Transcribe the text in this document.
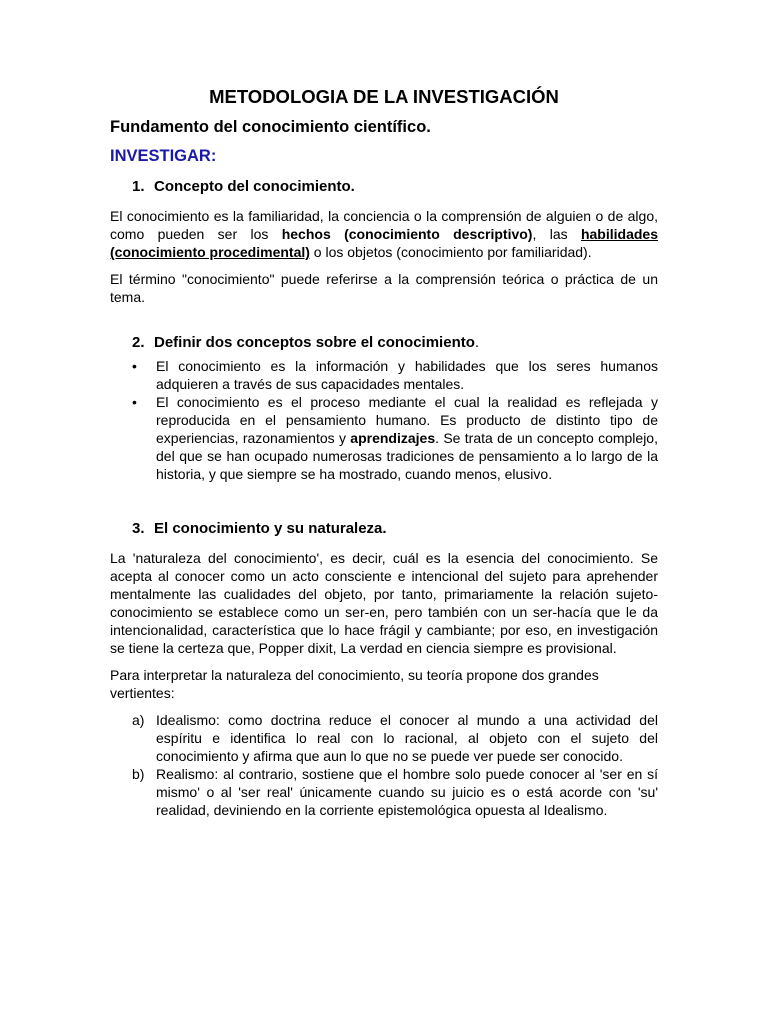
METODOLOGIA DE LA INVESTIGACIÓN
Fundamento del conocimiento científico.
INVESTIGAR:
1. Concepto del conocimiento.

El conocimiento es la familiaridad, la conciencia o la comprensión de alguien o de algo, como pueden ser los hechos (conocimiento descriptivo), las habilidades (conocimiento procedimental) o los objetos (conocimiento por familiaridad).

El término "conocimiento" puede referirse a la comprensión teórica o práctica de un tema.

2. Definir dos conceptos sobre el conocimiento.
•	El conocimiento es la información y habilidades que los seres humanos adquieren a través de sus capacidades mentales.
•	El conocimiento es el proceso mediante el cual la realidad es reflejada y reproducida en el pensamiento humano. Es producto de distinto tipo de experiencias, razonamientos y aprendizajes. Se trata de un concepto complejo, del que se han ocupado numerosas tradiciones de pensamiento a lo largo de la historia, y que siempre se ha mostrado, cuando menos, elusivo.
3. El conocimiento y su naturaleza.

La 'naturaleza del conocimiento', es decir, cuál es la esencia del conocimiento. Se acepta al conocer como un acto consciente e intencional del sujeto para aprehender mentalmente las cualidades del objeto, por tanto, primariamente la relación sujeto-conocimiento se establece como un ser-en, pero también con un ser-hacía que le da intencionalidad, característica que lo hace frágil y cambiante; por eso, en investigación se tiene la certeza que, Popper dixit, La verdad en ciencia siempre es provisional.

Para interpretar la naturaleza del conocimiento, su teoría propone dos grandes vertientes:

a) Idealismo: como doctrina reduce el conocer al mundo a una actividad del espíritu e identifica lo real con lo racional, al objeto con el sujeto del conocimiento y afirma que aun lo que no se puede ver puede ser conocido.
b) Realismo: al contrario, sostiene que el hombre solo puede conocer al 'ser en sí mismo' o al 'ser real' únicamente cuando su juicio es o está acorde con 'su' realidad, deviniendo en la corriente epistemológica opuesta al Idealismo.
